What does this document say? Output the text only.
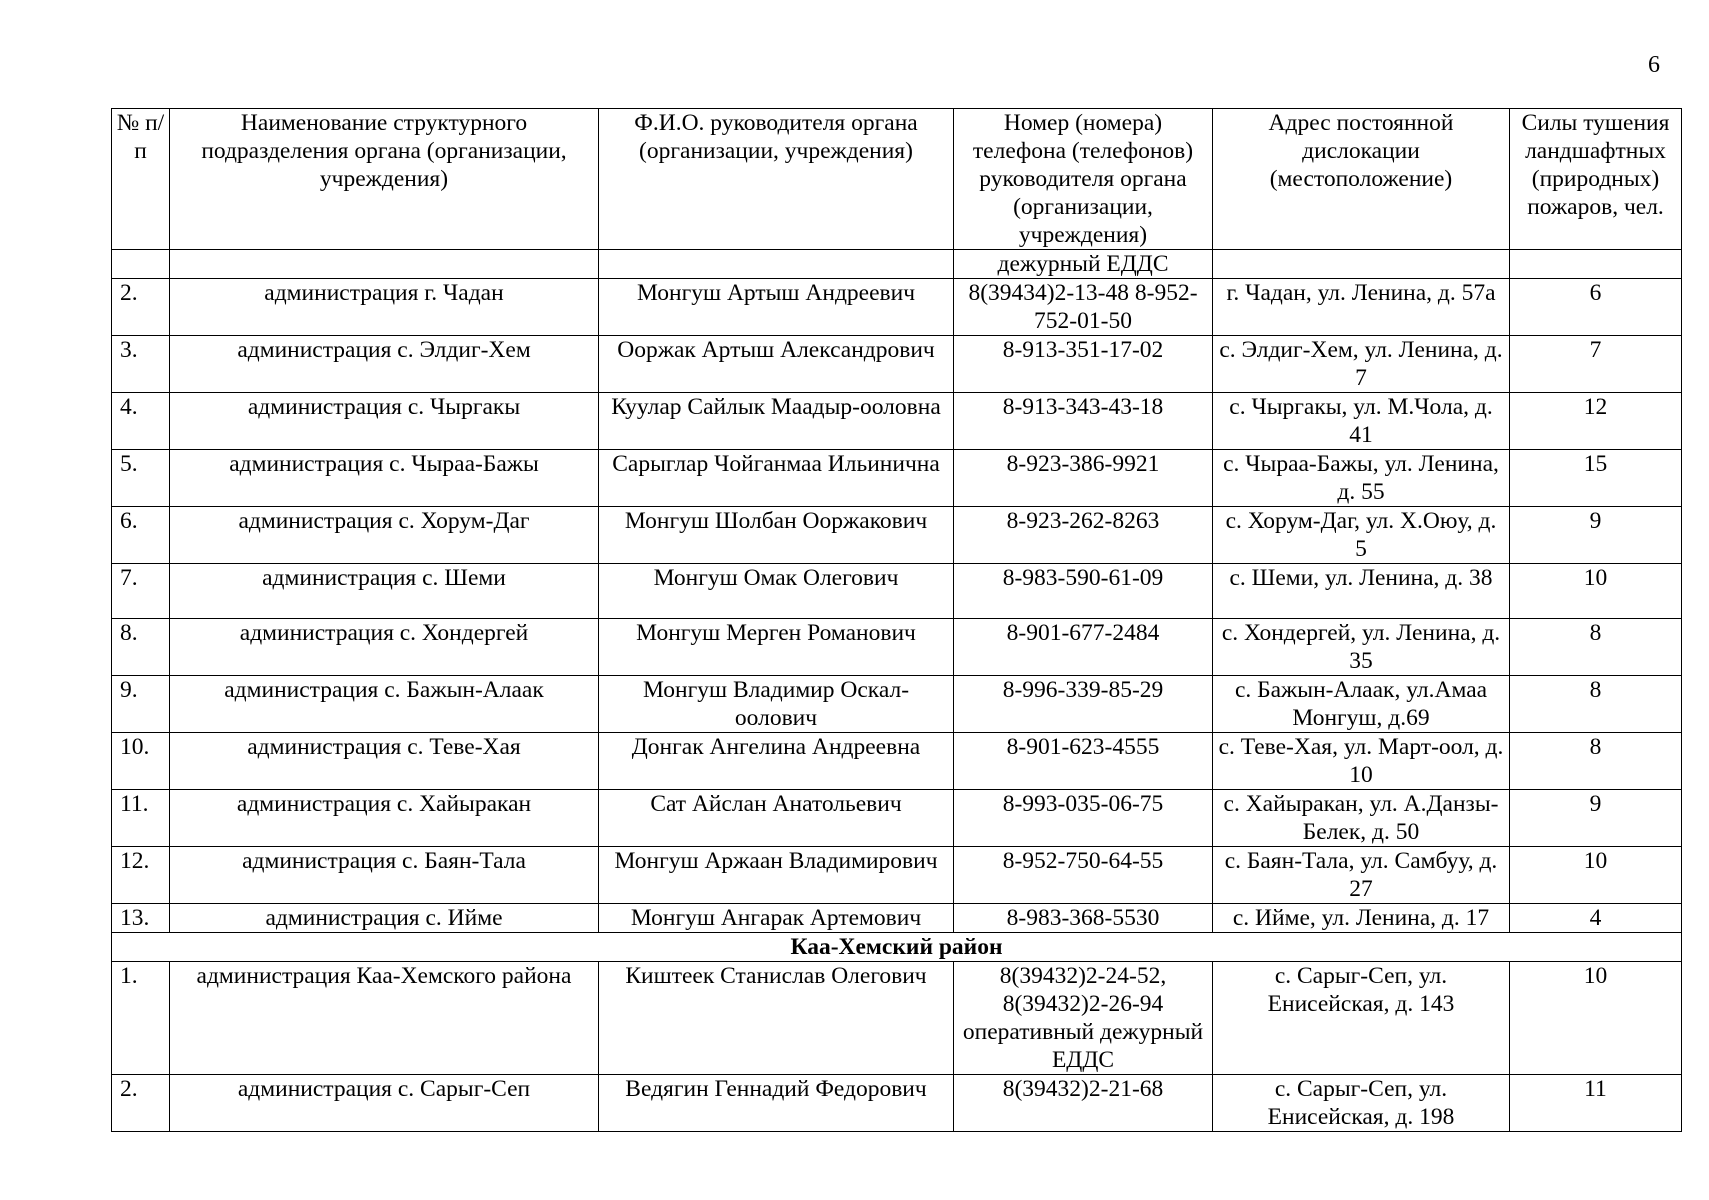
6
№ п/п	Наименование структурного подразделения органа (организации, учреждения)	Ф.И.О. руководителя органа (организации, учреждения)	Номер (номера) телефона (телефонов) руководителя органа (организации, учреждения)	Адрес постоянной дислокации (местоположение)	Силы тушения ландшафтных (природных) пожаров, чел.
			дежурный ЕДДС		
2.	администрация г. Чадан	Монгуш Артыш Андреевич	8(39434)2-13-48 8-952-752-01-50	г. Чадан, ул. Ленина, д. 57а	6
3.	администрация с. Элдиг-Хем	Ооржак Артыш Александрович	8-913-351-17-02	с. Элдиг-Хем, ул. Ленина, д. 7	7
4.	администрация с. Чыргакы	Куулар Сайлык Маадыр-ооловна	8-913-343-43-18	с. Чыргакы, ул. М.Чола, д. 41	12
5.	администрация с. Чыраа-Бажы	Сарыглар Чойганмаа Ильинична	8-923-386-9921	с. Чыраа-Бажы, ул. Ленина, д. 55	15
6.	администрация с. Хорум-Даг	Монгуш Шолбан Ооржакович	8-923-262-8263	с. Хорум-Даг, ул. Х.Оюу, д. 5	9
7.	администрация с. Шеми	Монгуш Омак Олегович	8-983-590-61-09	с. Шеми, ул. Ленина, д. 38	10
8.	администрация с. Хондергей	Монгуш Мерген Романович	8-901-677-2484	с. Хондергей, ул. Ленина, д. 35	8
9.	администрация с. Бажын-Алаак	Монгуш Владимир Оскал-оолович	8-996-339-85-29	с. Бажын-Алаак, ул.Амаа Монгуш, д.69	8
10.	администрация с. Теве-Хая	Донгак Ангелина Андреевна	8-901-623-4555	с. Теве-Хая, ул. Март-оол, д. 10	8
11.	администрация с. Хайыракан	Сат Айслан Анатольевич	8-993-035-06-75	с. Хайыракан, ул. А.Данзы-Белек, д. 50	9
12.	администрация с. Баян-Тала	Монгуш Аржаан Владимирович	8-952-750-64-55	с. Баян-Тала, ул. Самбуу, д. 27	10
13.	администрация с. Ийме	Монгуш Ангарак Артемович	8-983-368-5530	с. Ийме, ул. Ленина, д. 17	4
Каа-Хемский район					
1.	администрация Каа-Хемского района	Киштеек Станислав Олегович	8(39432)2-24-52, 8(39432)2-26-94 оперативный дежурный ЕДДС	с. Сарыг-Сеп, ул. Енисейская, д. 143	10
2.	администрация с. Сарыг-Сеп	Ведягин Геннадий Федорович	8(39432)2-21-68	с. Сарыг-Сеп, ул. Енисейская, д. 198	11
